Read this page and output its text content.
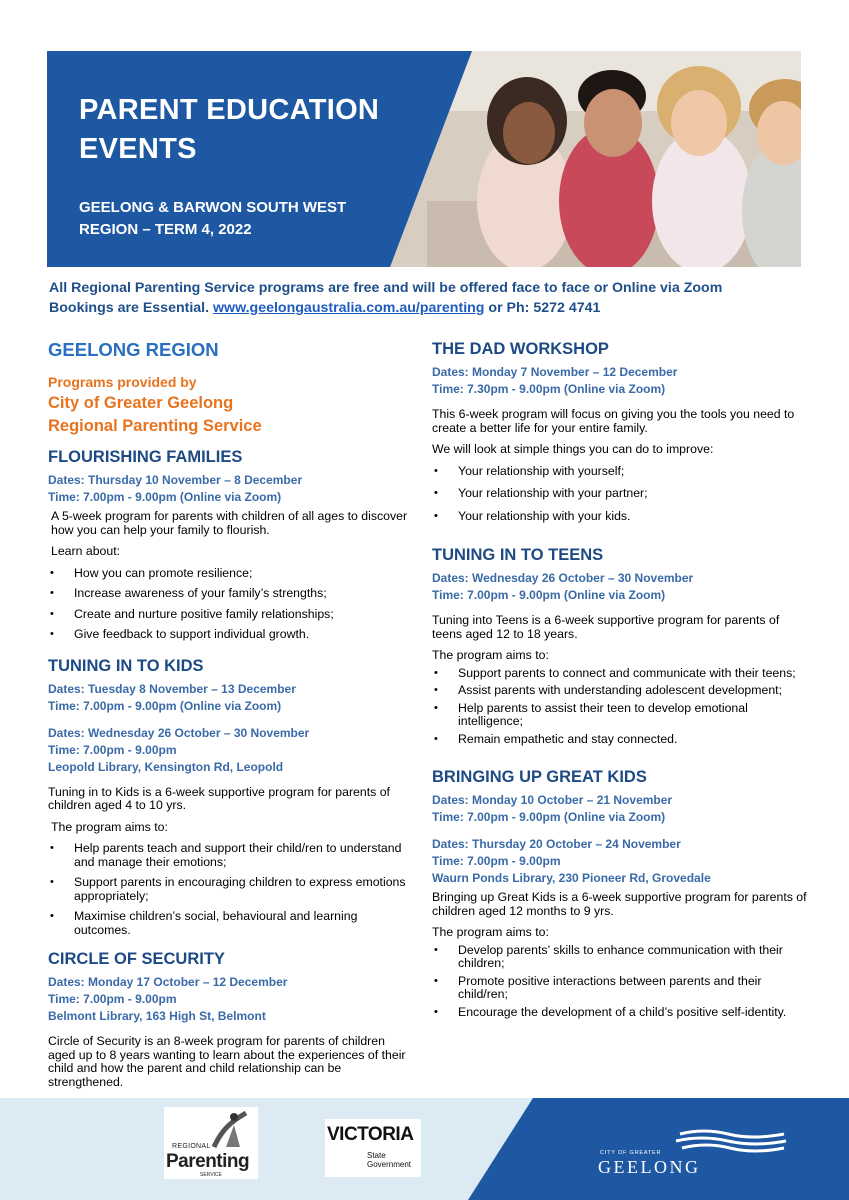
PARENT EDUCATION
EVENTS
GEELONG & BARWON SOUTH WEST
REGION – TERM 4, 2022
All Regional Parenting Service programs are free and will be offered face to face or Online via Zoom
Bookings are Essential. www.geelongaustralia.com.au/parenting or Ph: 5272 4741
GEELONG REGION
Programs provided by
City of Greater Geelong
Regional Parenting Service
FLOURISHING FAMILIES
Dates: Thursday 10 November – 8 December
Time: 7.00pm - 9.00pm (Online via Zoom)
A 5-week program for parents with children of all ages to discover how you can help your family to flourish.
Learn about:
• How you can promote resilience;
• Increase awareness of your family’s strengths;
• Create and nurture positive family relationships;
• Give feedback to support individual growth.
TUNING IN TO KIDS
Dates: Tuesday 8 November – 13 December
Time: 7.00pm - 9.00pm (Online via Zoom)
Dates: Wednesday 26 October – 30 November
Time: 7.00pm - 9.00pm
Leopold Library, Kensington Rd, Leopold
Tuning in to Kids is a 6-week supportive program for parents of children aged 4 to 10 yrs.
The program aims to:
• Help parents teach and support their child/ren to understand and manage their emotions;
• Support parents in encouraging children to express emotions appropriately;
• Maximise children’s social, behavioural and learning outcomes.
CIRCLE OF SECURITY
Dates: Monday 17 October – 12 December
Time: 7.00pm - 9.00pm
Belmont Library, 163 High St, Belmont
Circle of Security is an 8-week program for parents of children aged up to 8 years wanting to learn about the experiences of their child and how the parent and child relationship can be strengthened.
THE DAD WORKSHOP
Dates: Monday 7 November – 12 December
Time: 7.30pm - 9.00pm (Online via Zoom)
This 6-week program will focus on giving you the tools you need to create a better life for your entire family.
We will look at simple things you can do to improve:
• Your relationship with yourself;
• Your relationship with your partner;
• Your relationship with your kids.
TUNING IN TO TEENS
Dates: Wednesday 26 October – 30 November
Time: 7.00pm - 9.00pm (Online via Zoom)
Tuning into Teens is a 6-week supportive program for parents of teens aged 12 to 18 years.
The program aims to:
• Support parents to connect and communicate with their teens;
• Assist parents with understanding adolescent development;
• Help parents to assist their teen to develop emotional intelligence;
• Remain empathetic and stay connected.
BRINGING UP GREAT KIDS
Dates: Monday 10 October – 21 November
Time: 7.00pm - 9.00pm (Online via Zoom)
Dates: Thursday 20 October – 24 November
Time: 7.00pm - 9.00pm
Waurn Ponds Library, 230 Pioneer Rd, Grovedale
Bringing up Great Kids is a 6-week supportive program for parents of children aged 12 months to 9 yrs.
The program aims to:
• Develop parents’ skills to enhance communication with their children;
• Promote positive interactions between parents and their child/ren;
• Encourage the development of a child’s positive self-identity.
REGIONAL
Parenting
SERVICE
VICTORIA
State
Government
CITY OF GREATER
GEELONG
